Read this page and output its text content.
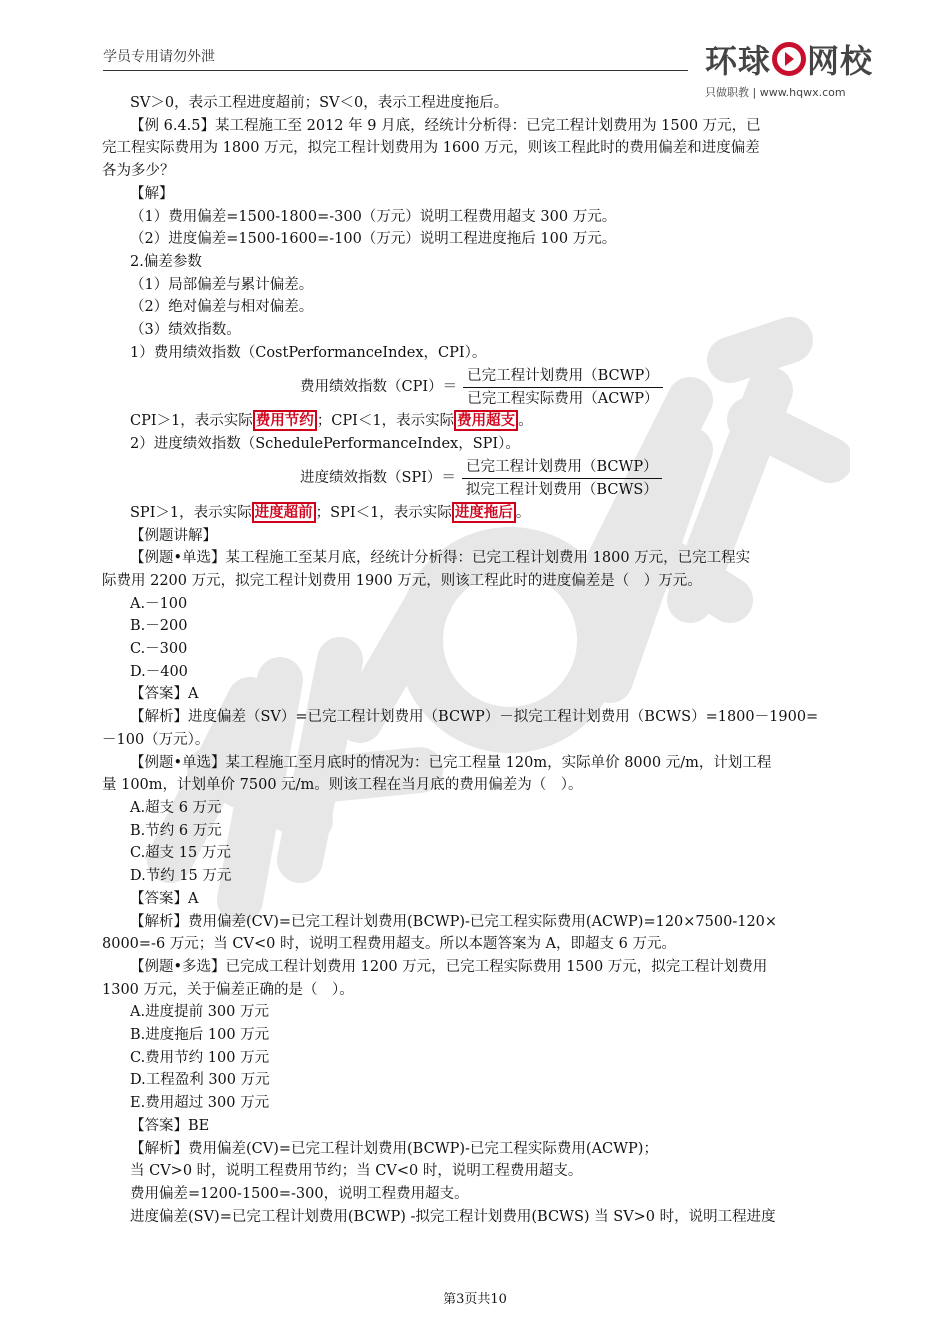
学员专用请勿外泄	环球 网校
只做职教 | www.hqwx.com
SV＞0，表示工程进度超前；SV＜0，表示工程进度拖后。
【例 6.4.5】某工程施工至 2012 年 9 月底，经统计分析得：已完工程计划费用为 1500 万元，已
完工程实际费用为 1800 万元，拟完工程计划费用为 1600 万元，则该工程此时的费用偏差和进度偏差
各为多少？
【解】
（1）费用偏差=1500-1800=-300（万元）说明工程费用超支 300 万元。
（2）进度偏差=1500-1600=-100（万元）说明工程进度拖后 100 万元。
2.偏差参数
（1）局部偏差与累计偏差。
（2）绝对偏差与相对偏差。
（3）绩效指数。
1）费用绩效指数（CostPerformanceIndex，CPI）。
费用绩效指数$(CPI)= \frac{\text{已完工程计划费用（BCWP）}}{\text{已完工程实际费用（ACWP）}}$
CPI＞1，表示实际 费用节约 ；CPI＜1，表示实际 费用超支 。
2）进度绩效指数（SchedulePerformanceIndex，SPI）。
进度绩效指数$(SPI)= \frac{\text{已完工程计划费用（BCWP）}}{\text{拟完工程计划费用（BCWS）}}$
SPI＞1，表示实际 进度超前 ；SPI＜1，表示实际 进度拖后 。
【例题讲解】
【例题•单选】某工程施工至某月底，经统计分析得：已完工程计划费用 1800 万元，已完工程实
际费用 2200 万元，拟完工程计划费用 1900 万元，则该工程此时的进度偏差是（　）万元。
A.－100
B.－200
C.－300
D.－400
【答案】A
【解析】进度偏差（SV）=已完工程计划费用（BCWP）－拟完工程计划费用（BCWS）=1800－1900=
－100（万元）。
【例题•单选】某工程施工至月底时的情况为：已完工程量 120m，实际单价 8000 元/m，计划工程
量 100m，计划单价 7500 元/m。则该工程在当月底的费用偏差为（　）。
A.超支 6 万元
B.节约 6 万元
C.超支 15 万元
D.节约 15 万元
【答案】A
【解析】费用偏差(CV)=已完工程计划费用(BCWP)-已完工程实际费用(ACWP)=120×7500-120×
8000=-6 万元；当 CV<0 时，说明工程费用超支。所以本题答案为 A，即超支 6 万元。
【例题•多选】已完成工程计划费用 1200 万元，已完工程实际费用 1500 万元，拟完工程计划费用
1300 万元，关于偏差正确的是（　）。
A.进度提前 300 万元
B.进度拖后 100 万元
C.费用节约 100 万元
D.工程盈利 300 万元
E.费用超过 300 万元
【答案】BE
【解析】费用偏差(CV)=已完工程计划费用(BCWP)-已完工程实际费用(ACWP)；
当 CV>0 时，说明工程费用节约；当 CV<0 时，说明工程费用超支。
费用偏差=1200-1500=-300，说明工程费用超支。
进度偏差(SV)=已完工程计划费用(BCWP) -拟完工程计划费用(BCWS) 当 SV>0 时，说明工程进度
第3页共10
